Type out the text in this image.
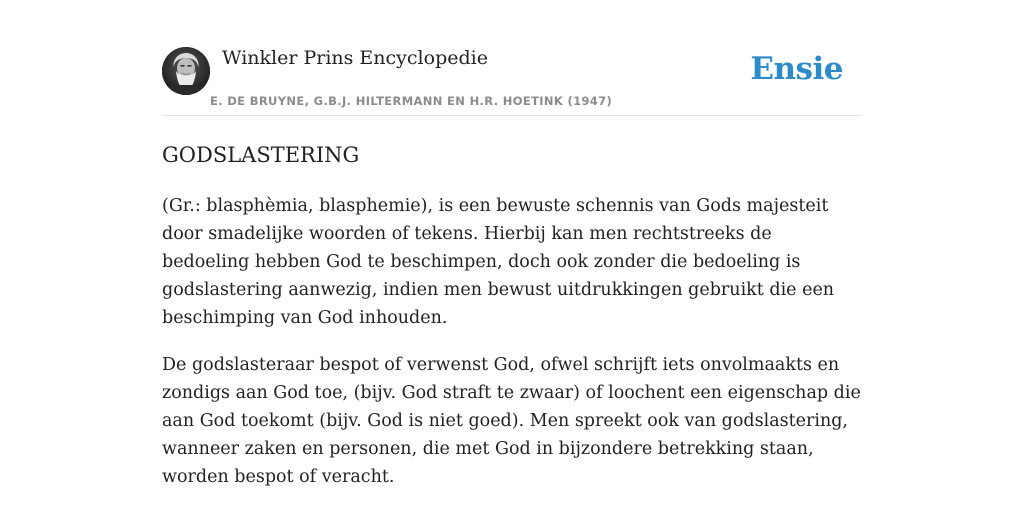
Winkler Prins Encyclopedie
E. DE BRUYNE, G.B.J. HILTERMANN EN H.R. HOETINK (1947)
Ensie
GODSLASTERING

(Gr.: blasphèmia, blasphemie), is een bewuste schennis van Gods majesteit door smadelijke woorden of tekens. Hierbij kan men rechtstreeks de bedoeling hebben God te beschimpen, doch ook zonder die bedoeling is godslastering aanwezig, indien men bewust uitdrukkingen gebruikt die een beschimping van God inhouden.

De godslasteraar bespot of verwenst God, ofwel schrijft iets onvolmaakts en zondigs aan God toe, (bijv. God straft te zwaar) of loochent een eigenschap die aan God toekomt (bijv. God is niet goed). Men spreekt ook van godslastering, wanneer zaken en personen, die met God in bijzondere betrekking staan, worden bespot of veracht.
